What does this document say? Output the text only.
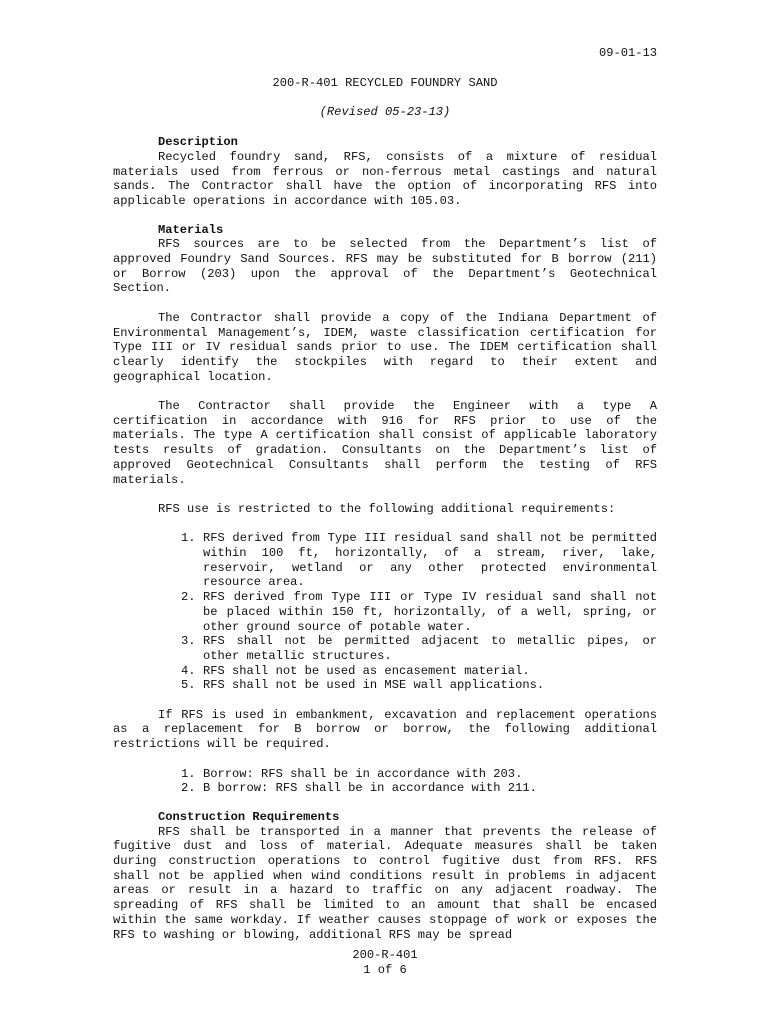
09-01-13
200-R-401 RECYCLED FOUNDRY SAND
(Revised 05-23-13)
Description

Recycled foundry sand, RFS, consists of a mixture of residual materials used from ferrous or non-ferrous metal castings and natural sands. The Contractor shall have the option of incorporating RFS into applicable operations in accordance with 105.03.

Materials

RFS sources are to be selected from the Department’s list of approved Foundry Sand Sources. RFS may be substituted for B borrow (211) or Borrow (203) upon the approval of the Department’s Geotechnical Section.

The Contractor shall provide a copy of the Indiana Department of Environmental Management’s, IDEM, waste classification certification for Type III or IV residual sands prior to use. The IDEM certification shall clearly identify the stockpiles with regard to their extent and geographical location.

The Contractor shall provide the Engineer with a type A certification in accordance with 916 for RFS prior to use of the materials. The type A certification shall consist of applicable laboratory tests results of gradation. Consultants on the Department’s list of approved Geotechnical Consultants shall perform the testing of RFS materials.

RFS use is restricted to the following additional requirements:

1. RFS derived from Type III residual sand shall not be permitted within 100 ft, horizontally, of a stream, river, lake, reservoir, wetland or any other protected environmental resource area.
2. RFS derived from Type III or Type IV residual sand shall not be placed within 150 ft, horizontally, of a well, spring, or other ground source of potable water.
3. RFS shall not be permitted adjacent to metallic pipes, or other metallic structures.
4. RFS shall not be used as encasement material.
5. RFS shall not be used in MSE wall applications.

If RFS is used in embankment, excavation and replacement operations as a replacement for B borrow or borrow, the following additional restrictions will be required.

1. Borrow: RFS shall be in accordance with 203.
2. B borrow: RFS shall be in accordance with 211.
Construction Requirements

RFS shall be transported in a manner that prevents the release of fugitive dust and loss of material. Adequate measures shall be taken during construction operations to control fugitive dust from RFS. RFS shall not be applied when wind conditions result in problems in adjacent areas or result in a hazard to traffic on any adjacent roadway. The spreading of RFS shall be limited to an amount that shall be encased within the same workday. If weather causes stoppage of work or exposes the RFS to washing or blowing, additional RFS may be spread

200-R-401
1 of 6
